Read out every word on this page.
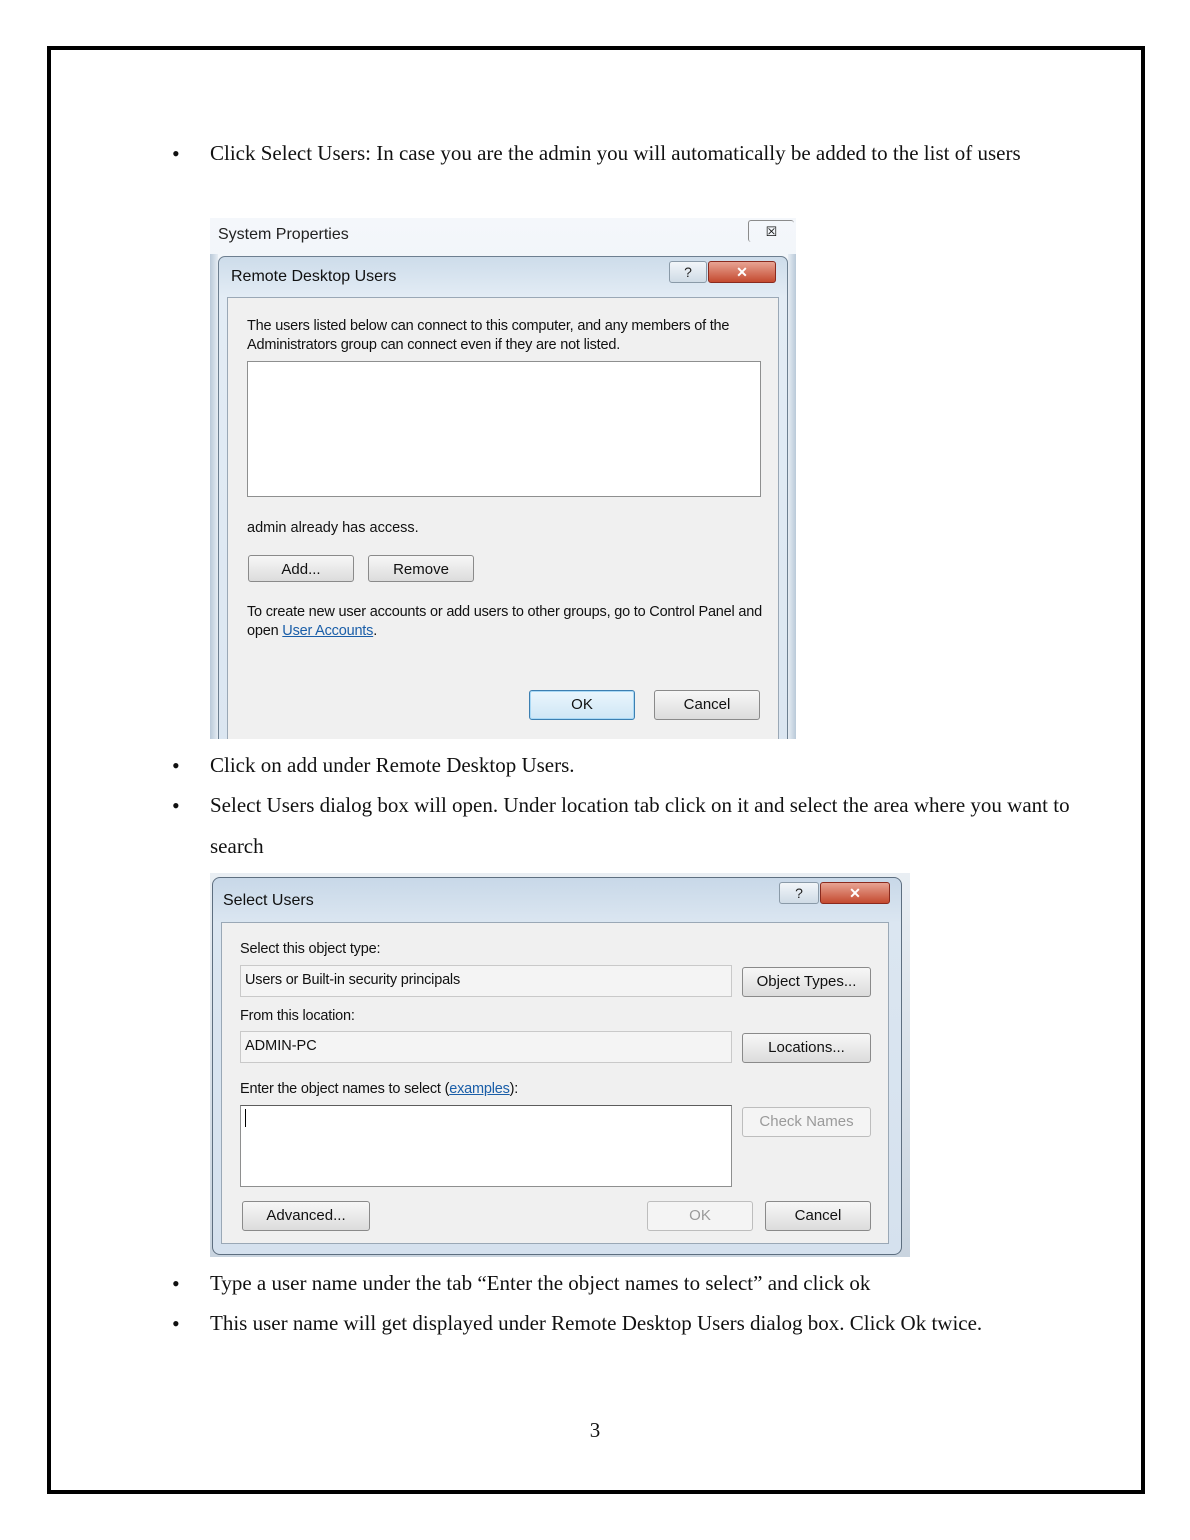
• Click Select Users: In case you are the admin you will automatically be added to the list of users
System Properties	☒
Remote Desktop Users	?	✕
The users listed below can connect to this computer, and any members of the Administrators group can connect even if they are not listed.
admin already has access.
Add...	Remove
To create new user accounts or add users to other groups, go to Control Panel and open User Accounts.
OK	Cancel
• Click on add under Remote Desktop Users.
• Select Users dialog box will open. Under location tab click on it and select the area where you want to search
Select Users	?	✕
Select this object type:
Users or Built-in security principals	Object Types...
From this location:
ADMIN-PC	Locations...
Enter the object names to select (examples):
Check Names
Advanced...	OK	Cancel
• Type a user name under the tab “Enter the object names to select” and click ok
• This user name will get displayed under Remote Desktop Users dialog box. Click Ok twice.
3
